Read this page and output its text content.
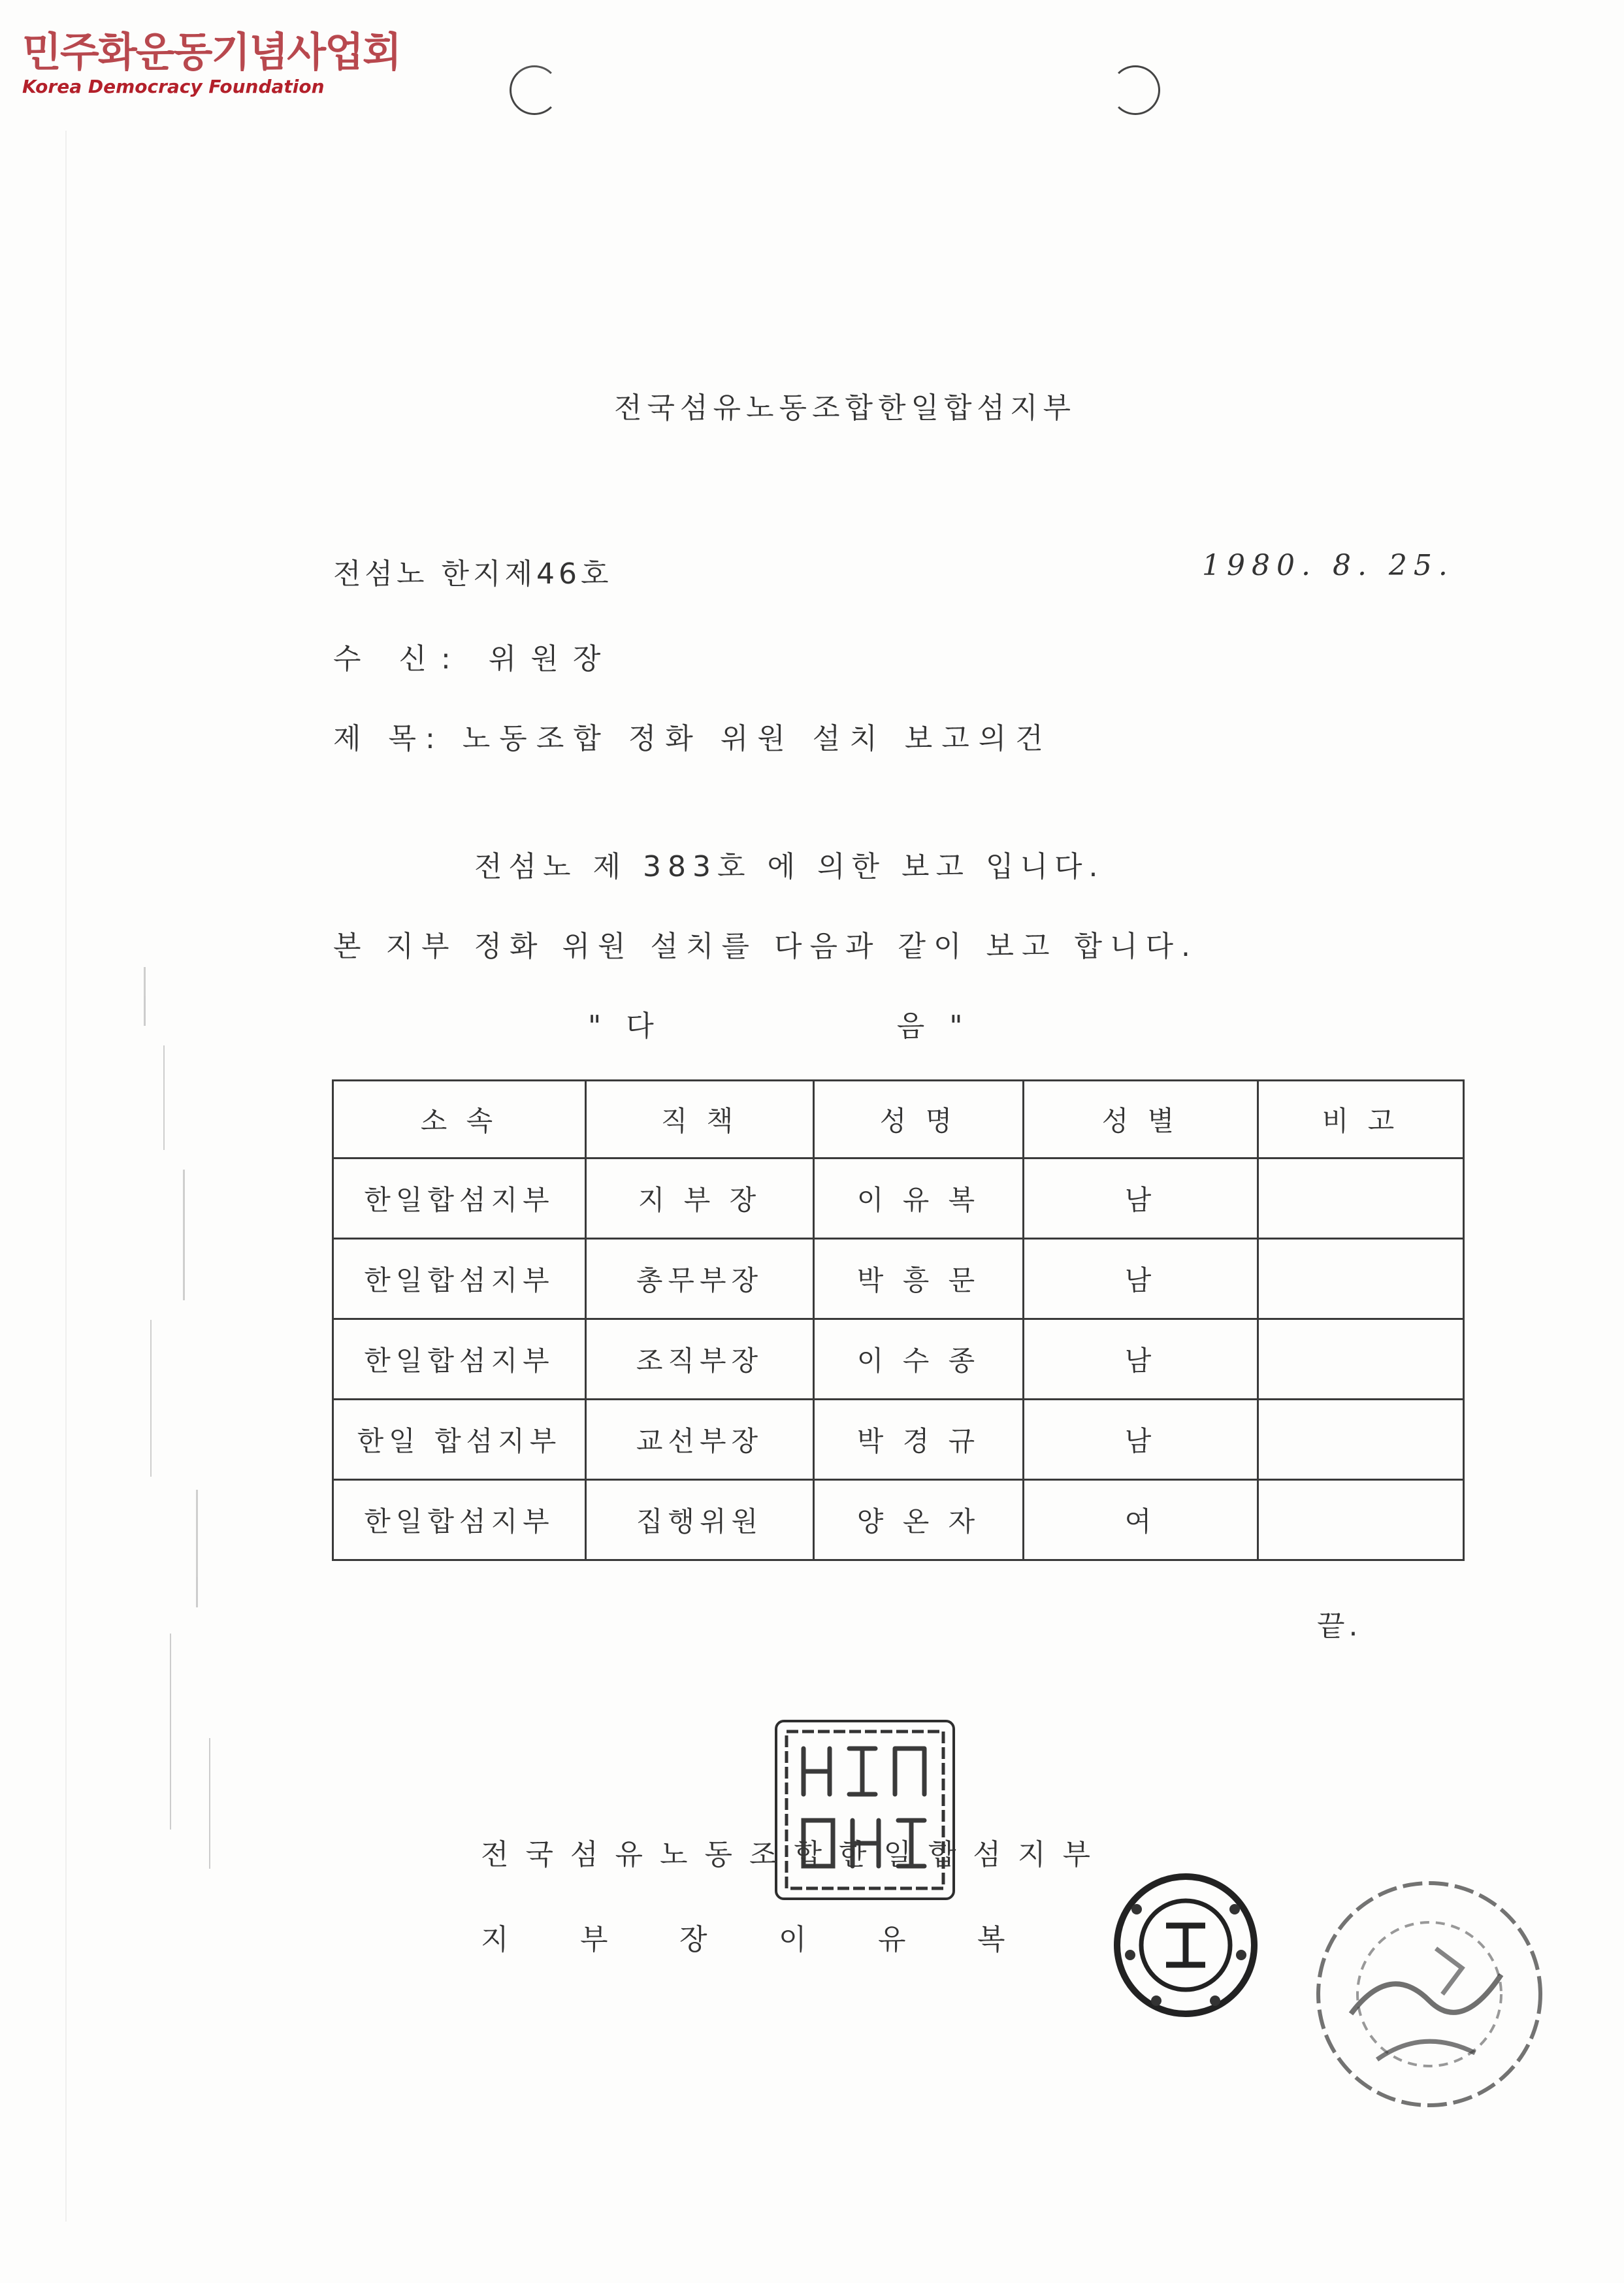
민주화운동기념사업회
Korea Democracy Foundation
전국섬유노동조합한일합섬지부
전섬노 한지제46호	1980. 8. 25.
수 신: 위원장
제 목: 노동조합 정화 위원 설치 보고의건
전섬노 제 383호 에 의한 보고 입니다.
본 지부 정화 위원 설치를 다음과 같이 보고 합니다.
" 다	음 "
소 속	직 책	성 명	성 별	비 고
한일합섬지부	지 부 장	이 유 복	남	
한일합섬지부	총무부장	박 흥 문	남	
한일합섬지부	조직부장	이 수 종	남	
한일 합섬지부	교선부장	박 경 규	남	
한일합섬지부	집행위원	양 온 자	여	
끝.
전국섬유노동조합한일합섬지부
지 부 장 이 유 복
